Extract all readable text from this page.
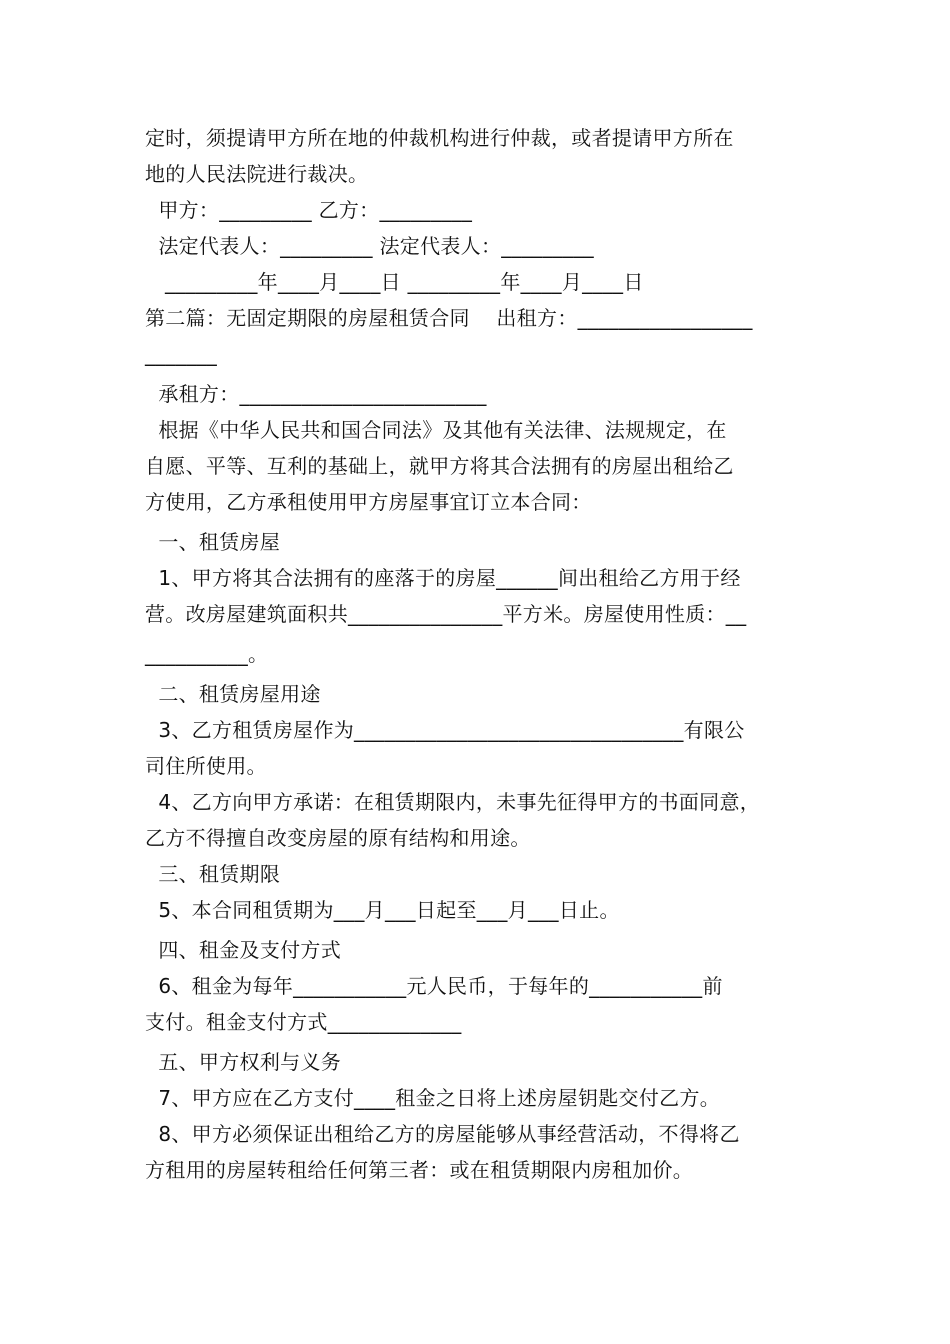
定时，须提请甲方所在地的仲裁机构进行仲裁，或者提请甲方所在
地的人民法院进行裁决。
甲方：_________ 乙方：_________
法定代表人：_________ 法定代表人：_________
_________年____月____日 _________年____月____日
第二篇：无固定期限的房屋租赁合同    出租方：_________________
_______
承租方：________________________
根据《中华人民共和国合同法》及其他有关法律、法规规定，在
自愿、平等、互利的基础上，就甲方将其合法拥有的房屋出租给乙
方使用，乙方承租使用甲方房屋事宜订立本合同：
一、租赁房屋
1、甲方将其合法拥有的座落于的房屋______间出租给乙方用于经
营。改房屋建筑面积共_______________平方米。房屋使用性质：__
__________。
二、租赁房屋用途
3、乙方租赁房屋作为________________________________有限公
司住所使用。
4、乙方向甲方承诺：在租赁期限内，未事先征得甲方的书面同意，
乙方不得擅自改变房屋的原有结构和用途。
三、租赁期限
5、本合同租赁期为___月___日起至___月___日止。
四、租金及支付方式
6、租金为每年___________元人民币，于每年的___________前
支付。租金支付方式_____________
五、甲方权利与义务
7、甲方应在乙方支付____租金之日将上述房屋钥匙交付乙方。
8、甲方必须保证出租给乙方的房屋能够从事经营活动，不得将乙
方租用的房屋转租给任何第三者：或在租赁期限内房租加价。
